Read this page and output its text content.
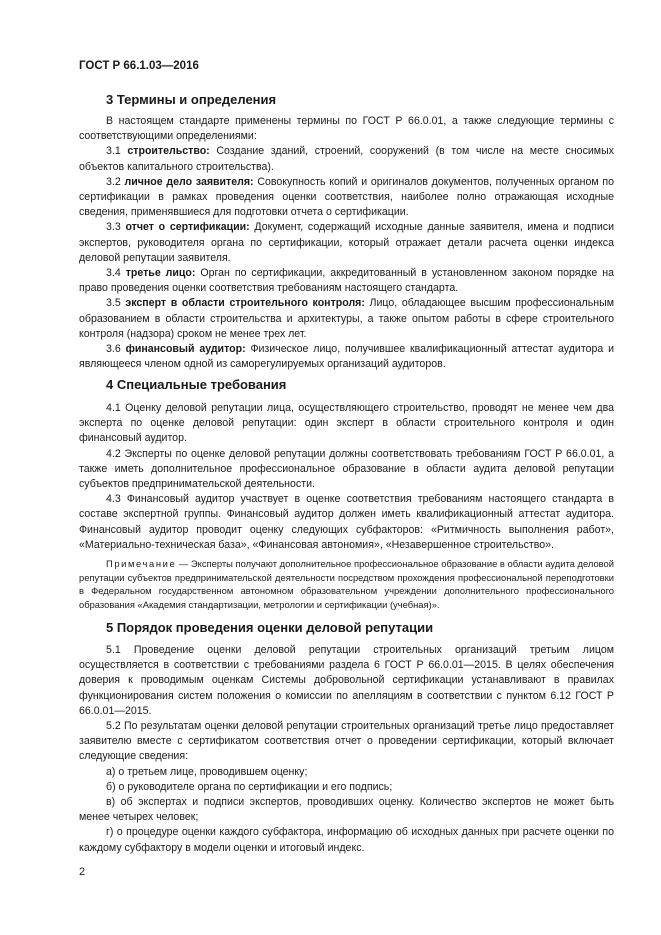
ГОСТ Р 66.1.03—2016
3 Термины и определения

В настоящем стандарте применены термины по ГОСТ Р 66.0.01, а также следующие термины с соответствующими определениями:

3.1 строительство: Создание зданий, строений, сооружений (в том числе на месте сносимых объектов капитального строительства).

3.2 личное дело заявителя: Совокупность копий и оригиналов документов, полученных органом по сертификации в рамках проведения оценки соответствия, наиболее полно отражающая исходные сведения, применявшиеся для подготовки отчета о сертификации.

3.3 отчет о сертификации: Документ, содержащий исходные данные заявителя, имена и подписи экспертов, руководителя органа по сертификации, который отражает детали расчета оценки индекса деловой репутации заявителя.

3.4 третье лицо: Орган по сертификации, аккредитованный в установленном законом порядке на право проведения оценки соответствия требованиям настоящего стандарта.

3.5 эксперт в области строительного контроля: Лицо, обладающее высшим профессиональным образованием в области строительства и архитектуры, а также опытом работы в сфере строительного контроля (надзора) сроком не менее трех лет.

3.6 финансовый аудитор: Физическое лицо, получившее квалификационный аттестат аудитора и являющееся членом одной из саморегулируемых организаций аудиторов.

4 Специальные требования

4.1 Оценку деловой репутации лица, осуществляющего строительство, проводят не менее чем два эксперта по оценке деловой репутации: один эксперт в области строительного контроля и один финансовый аудитор.

4.2 Эксперты по оценке деловой репутации должны соответствовать требованиям ГОСТ Р 66.0.01, а также иметь дополнительное профессиональное образование в области аудита деловой репутации субъектов предпринимательской деятельности.

4.3 Финансовый аудитор участвует в оценке соответствия требованиям настоящего стандарта в составе экспертной группы. Финансовый аудитор должен иметь квалификационный аттестат аудитора. Финансовый аудитор проводит оценку следующих субфакторов: «Ритмичность выполнения работ», «Материально-техническая база», «Финансовая автономия», «Незавершенное строительство».

Примечание — Эксперты получают дополнительное профессиональное образование в области аудита деловой репутации субъектов предпринимательской деятельности посредством прохождения профессиональной переподготовки в Федеральном государственном автономном образовательном учреждении дополнительного профессионального образования «Академия стандартизации, метрологии и сертификации (учебная)».

5 Порядок проведения оценки деловой репутации

5.1 Проведение оценки деловой репутации строительных организаций третьим лицом осуществляется в соответствии с требованиями раздела 6 ГОСТ Р 66.0.01—2015. В целях обеспечения доверия к проводимым оценкам Системы добровольной сертификации устанавливают в правилах функционирования систем положения о комиссии по апелляциям в соответствии с пунктом 6.12 ГОСТ Р 66.0.01—2015.

5.2 По результатам оценки деловой репутации строительных организаций третье лицо предоставляет заявителю вместе с сертификатом соответствия отчет о проведении сертификации, который включает следующие сведения:

а) о третьем лице, проводившем оценку;

б) о руководителе органа по сертификации и его подпись;

в) об экспертах и подписи экспертов, проводивших оценку. Количество экспертов не может быть менее четырех человек;

г) о процедуре оценки каждого субфактора, информацию об исходных данных при расчете оценки по каждому субфактору в модели оценки и итоговый индекс.

2
